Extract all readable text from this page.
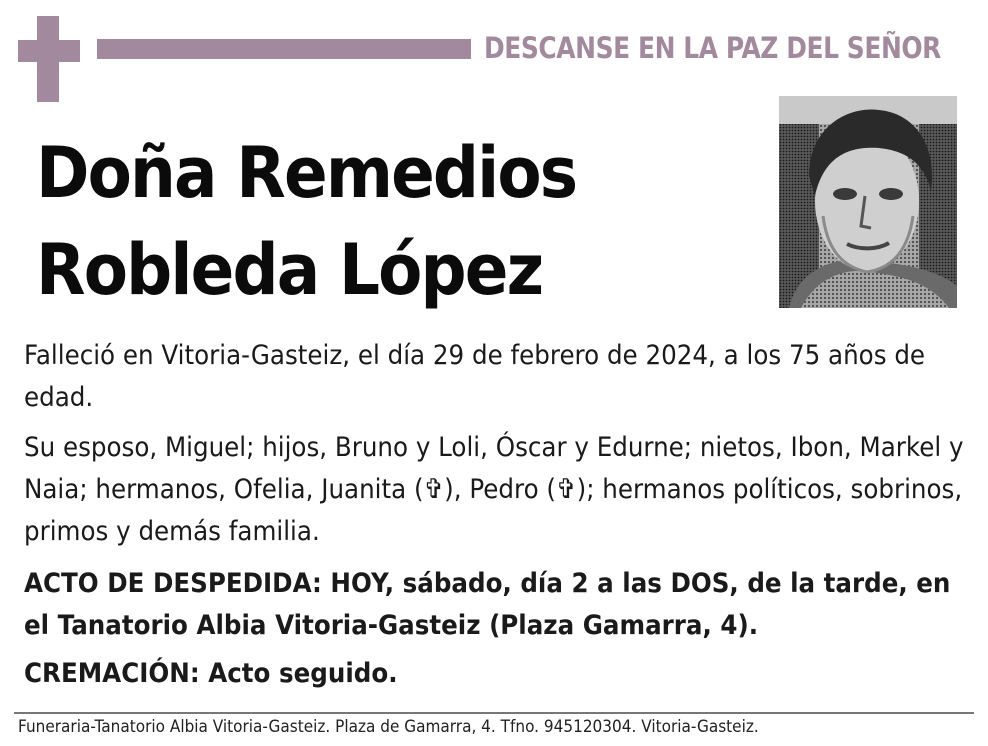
DESCANSE EN LA PAZ DEL SEÑOR
Doña Remedios
Robleda López
Falleció en Vitoria-Gasteiz, el día 29 de febrero de 2024, a los 75 años de edad.
Su esposo, Miguel; hijos, Bruno y Loli, Óscar y Edurne; nietos, Ibon, Markel y Naia; hermanos, Ofelia, Juanita (✞), Pedro (✞); hermanos políticos, sobrinos, primos y demás familia.
ACTO DE DESPEDIDA: HOY, sábado, día 2 a las DOS, de la tarde, en el Tanatorio Albia Vitoria-Gasteiz (Plaza Gamarra, 4).
CREMACIÓN: Acto seguido.
Funeraria-Tanatorio Albia Vitoria-Gasteiz. Plaza de Gamarra, 4. Tfno. 945120304. Vitoria-Gasteiz.
